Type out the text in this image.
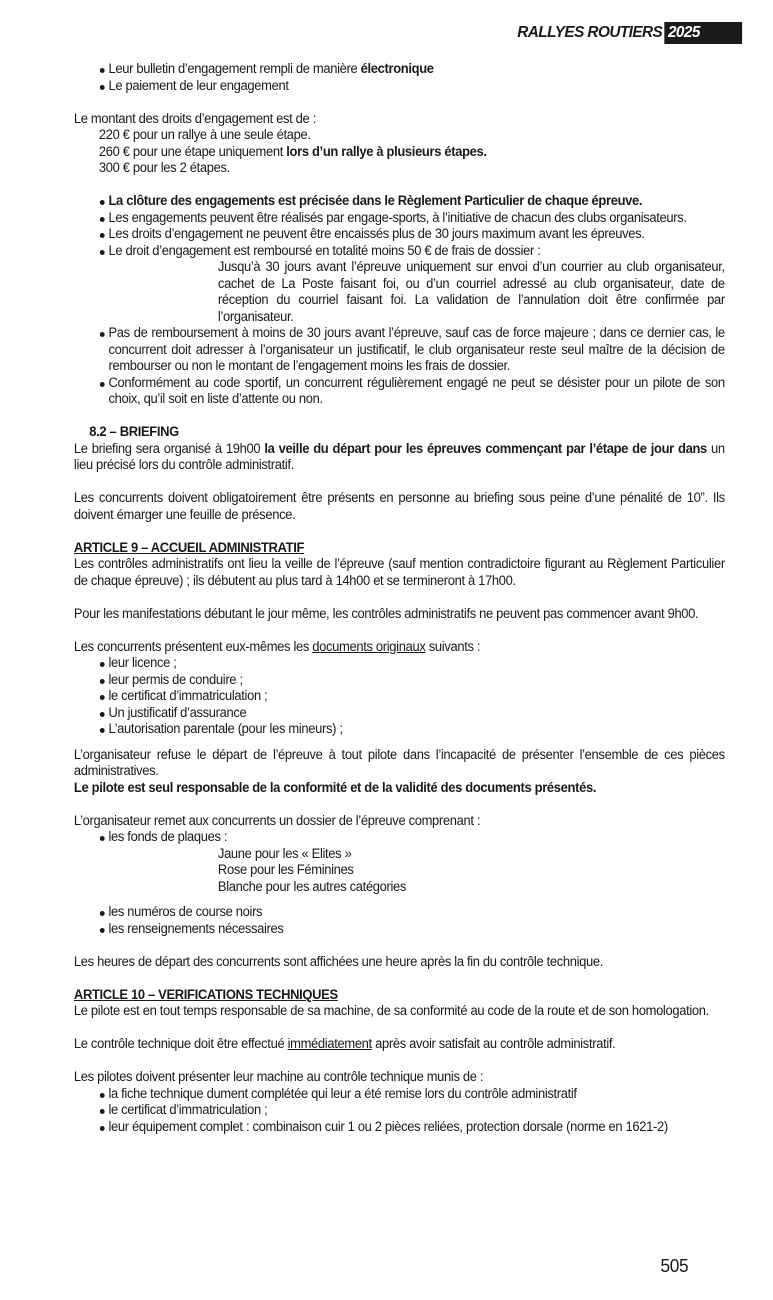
RALLYES ROUTIERS 2025
Leur bulletin d’engagement rempli de manière électronique
Le paiement de leur engagement

Le montant des droits d’engagement est de :

220 € pour un rallye à une seule étape.

260 € pour une étape uniquement lors d’un rallye à plusieurs étapes.

300 € pour les 2 étapes.

La clôture des engagements est précisée dans le Règlement Particulier de chaque épreuve.
Les engagements peuvent être réalisés par engage-sports, à l’initiative de chacun des clubs organisateurs.
Les droits d’engagement ne peuvent être encaissés plus de 30 jours maximum avant les épreuves.
Le droit d’engagement est remboursé en totalité moins 50 € de frais de dossier :

Jusqu’à 30 jours avant l’épreuve uniquement sur envoi d’un courrier au club organisateur, cachet de La Poste faisant foi, ou d’un courriel adressé au club organisateur, date de réception du courriel faisant foi. La validation de l’annulation doit être confirmée par l’organisateur.

Pas de remboursement à moins de 30 jours avant l’épreuve, sauf cas de force majeure ; dans ce dernier cas, le concurrent doit adresser à l’organisateur un justificatif, le club organisateur reste seul maître de la décision de rembourser ou non le montant de l’engagement moins les frais de dossier.
Conformément au code sportif, un concurrent régulièrement engagé ne peut se désister pour un pilote de son choix, qu’il soit en liste d’attente ou non.

8.2 – BRIEFING

Le briefing sera organisé à 19h00 la veille du départ pour les épreuves commençant par l’étape de jour dans un lieu précisé lors du contrôle administratif.

Les concurrents doivent obligatoirement être présents en personne au briefing sous peine d’une pénalité de 10”. Ils doivent émarger une feuille de présence.

ARTICLE 9 – ACCUEIL ADMINISTRATIF

Les contrôles administratifs ont lieu la veille de l’épreuve (sauf mention contradictoire figurant au Règlement Particulier de chaque épreuve) ; ils débutent au plus tard à 14h00 et se termineront à 17h00.

Pour les manifestations débutant le jour même, les contrôles administratifs ne peuvent pas commencer avant 9h00.

Les concurrents présentent eux-mêmes les documents originaux suivants :

leur licence ;
leur permis de conduire ;
le certificat d’immatriculation ;
Un justificatif d’assurance
L’autorisation parentale (pour les mineurs) ;

L’organisateur refuse le départ de l’épreuve à tout pilote dans l’incapacité de présenter l’ensemble de ces pièces administratives.

Le pilote est seul responsable de la conformité et de la validité des documents présentés.

L’organisateur remet aux concurrents un dossier de l’épreuve comprenant :

les fonds de plaques :

Jaune pour les « Elites »

Rose pour les Féminines

Blanche pour les autres catégories

les numéros de course noirs
les renseignements nécessaires

Les heures de départ des concurrents sont affichées une heure après la fin du contrôle technique.

ARTICLE 10 – VERIFICATIONS TECHNIQUES

Le pilote est en tout temps responsable de sa machine, de sa conformité au code de la route et de son homologation.

Le contrôle technique doit être effectué immédiatement après avoir satisfait au contrôle administratif.

Les pilotes doivent présenter leur machine au contrôle technique munis de :

la fiche technique dument complétée qui leur a été remise lors du contrôle administratif
le certificat d’immatriculation ;
leur équipement complet : combinaison cuir 1 ou 2 pièces reliées, protection dorsale (norme en 1621-2)
505
